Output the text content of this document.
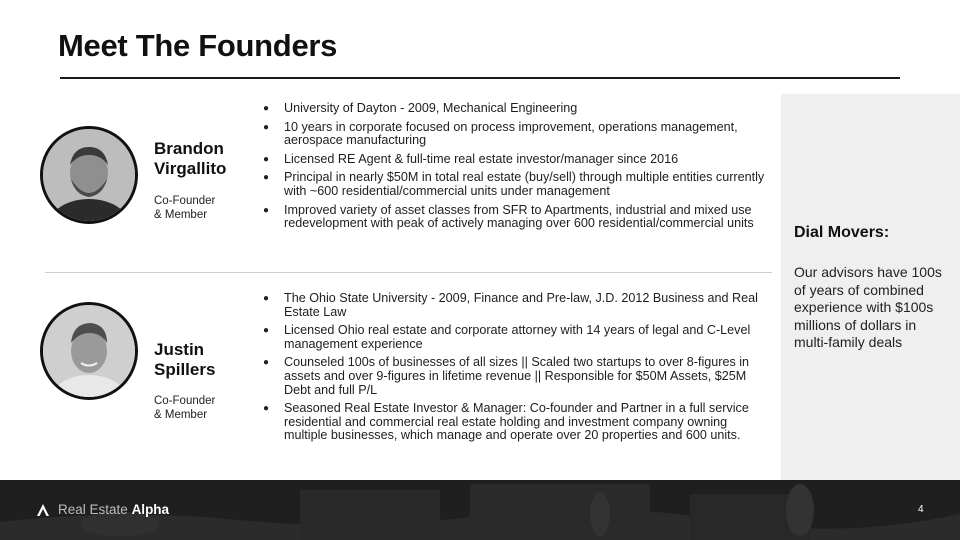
Meet The Founders
Dial Movers:
Our advisors have 100s of years of combined experience with $100s millions of dollars in multi-family deals
Brandon
Virgallito
Co-Founder
& Member
● University of Dayton - 2009, Mechanical Engineering
● 10 years in corporate focused on process improvement, operations management, aerospace manufacturing
● Licensed RE Agent & full-time real estate investor/manager since 2016
● Principal in nearly $50M in total real estate (buy/sell) through multiple entities currently with ~600 residential/commercial units under management
● Improved variety of asset classes from SFR to Apartments, industrial and mixed use redevelopment with peak of actively managing over 600 residential/commercial units
Justin
Spillers
Co-Founder
& Member
● The Ohio State University - 2009, Finance and Pre-law, J.D. 2012 Business and Real Estate Law
● Licensed Ohio real estate and corporate attorney with 14 years of legal and C-Level management experience
● Counseled 100s of businesses of all sizes || Scaled two startups to over 8-figures in assets and over 9-figures in lifetime revenue || Responsible for $50M Assets, $25M Debt and full P/L
● Seasoned Real Estate Investor & Manager: Co-founder and Partner in a full service residential and commercial real estate holding and investment company owning multiple businesses, which manage and operate over 20 properties and 600 units.
Real Estate Alpha	4
